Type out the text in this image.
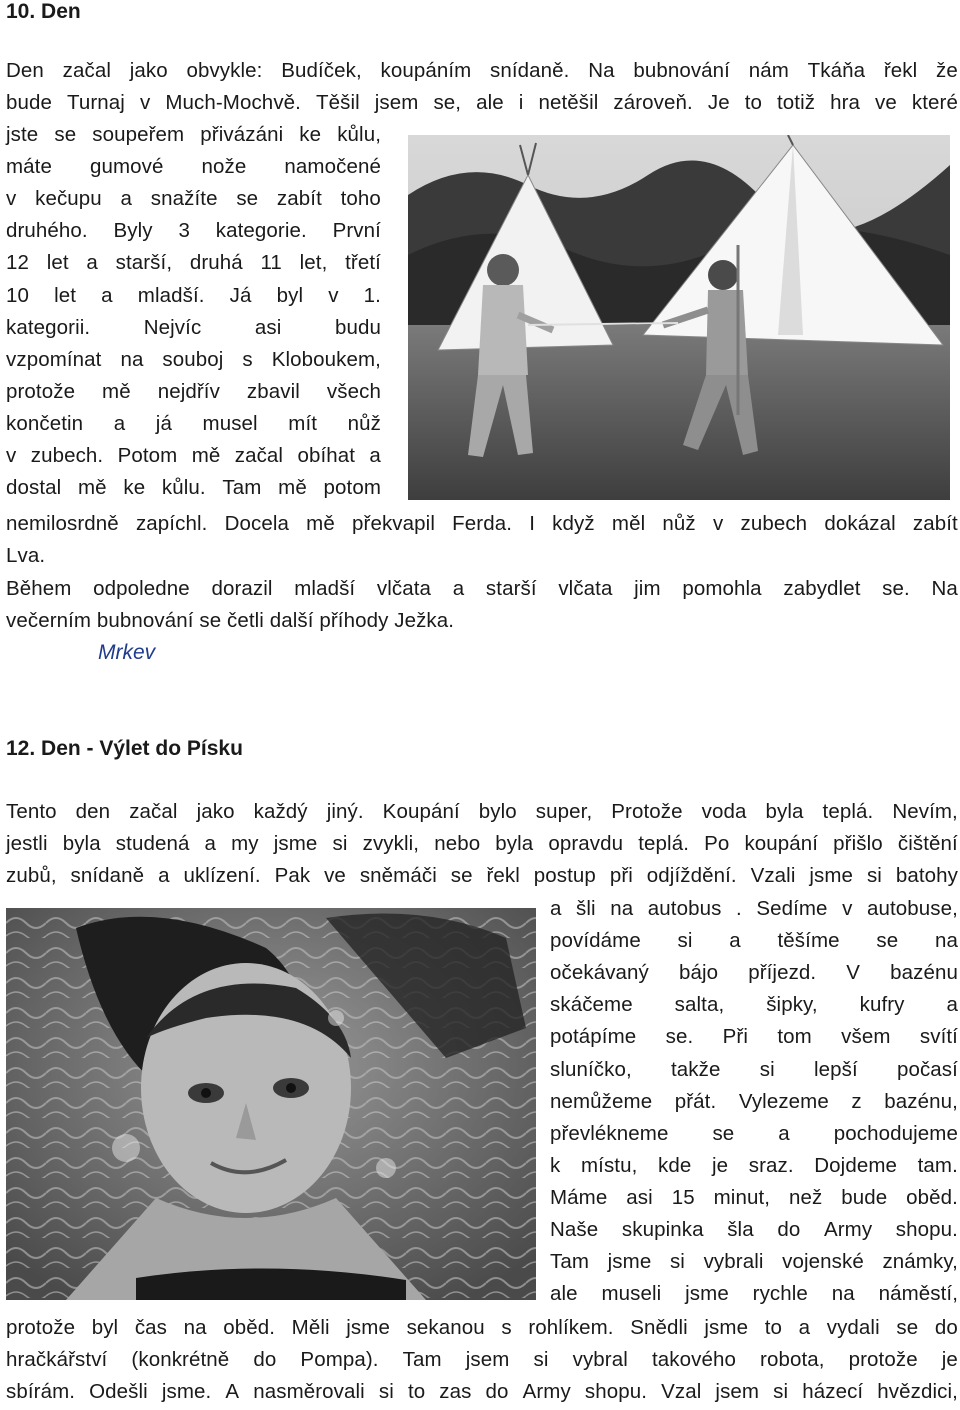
10. Den
Den začal jako obvykle: Budíček, koupáním snídaně. Na bubnování nám Tkáňa řekl že
bude Turnaj v Much-Mochvě. Těšil jsem se, ale i netěšil zároveň. Je to totiž hra ve které
jste se soupeřem přivázáni ke kůlu,
máte gumové nože namočené
v kečupu a snažíte se zabít toho
druhého. Byly 3 kategorie. První
12 let a starší, druhá 11 let, třetí
10 let a mladší. Já byl v 1.
kategorii.	Nejvíc	asi	budu
vzpomínat na souboj s Kloboukem,
protože mě nejdřív zbavil všech
končetin a já musel mít nůž
v zubech. Potom mě začal obíhat a
dostal mě ke kůlu. Tam mě potom
nemilosrdně zapíchl. Docela mě překvapil Ferda. I když měl nůž v zubech dokázal zabít
Lva.
Během odpoledne dorazil mladší vlčata a starší vlčata jim pomohla zabydlet se. Na
večerním bubnování se četli další příhody Ježka.
Mrkev
12. Den - Výlet do Písku
Tento den začal jako každý jiný. Koupání bylo super, Protože voda byla teplá. Nevím,
jestli byla studená a my jsme si zvykli, nebo byla opravdu teplá. Po koupání přišlo čištění
zubů, snídaně a uklízení. Pak ve sněmáči se řekl postup při odjíždění. Vzali jsme si batohy
a šli na autobus . Sedíme v autobuse,
povídáme si a těšíme se na
očekávaný bájo příjezd. V bazénu
skáčeme salta, šipky, kufry a
potápíme se. Při tom všem svítí
sluníčko, takže si lepší počasí
nemůžeme přát. Vylezeme z bazénu,
převlékneme se a pochodujeme
k místu, kde je sraz. Dojdeme tam.
Máme asi 15 minut, než bude oběd.
Naše skupinka šla do Army shopu.
Tam jsme si vybrali vojenské známky,
ale museli jsme rychle na náměstí,
protože byl čas na oběd. Měli jsme sekanou s rohlíkem. Snědli jsme to a vydali se do
hračkářství (konkrétně do Pompa). Tam jsem si vybral takového robota, protože je
sbírám. Odešli jsme. A nasměrovali si to zas do Army shopu. Vzal jsem si házecí hvězdici,
